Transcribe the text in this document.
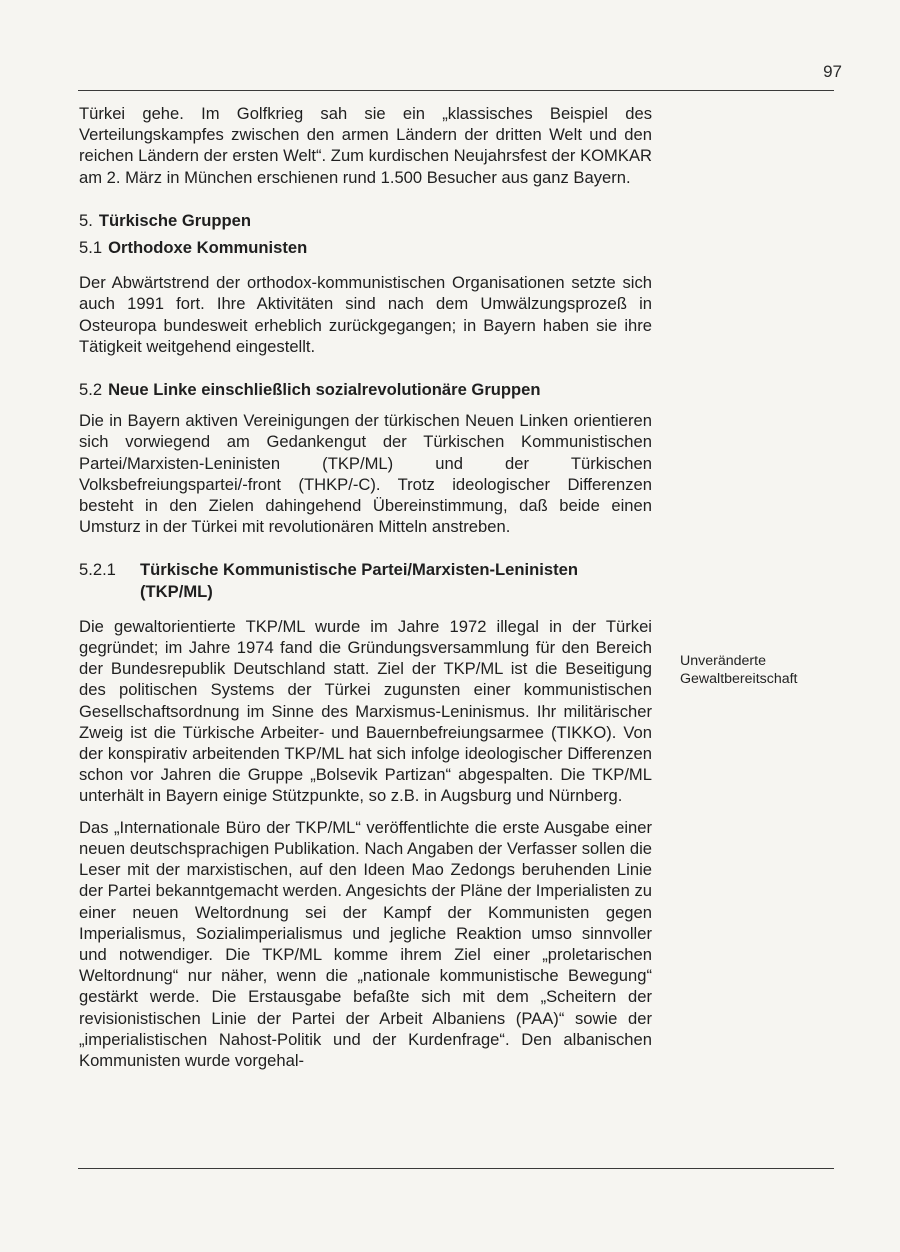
97

Türkei gehe. Im Golfkrieg sah sie ein „klassisches Beispiel des Verteilungskampfes zwischen den armen Ländern der dritten Welt und den reichen Ländern der ersten Welt“. Zum kurdischen Neujahrsfest der KOMKAR am 2. März in München erschienen rund 1.500 Besucher aus ganz Bayern.

5. Türkische Gruppen
5.1 Orthodoxe Kommunisten

Der Abwärtstrend der orthodox-kommunistischen Organisationen setzte sich auch 1991 fort. Ihre Aktivitäten sind nach dem Umwälzungsprozeß in Osteuropa bundesweit erheblich zurückgegangen; in Bayern haben sie ihre Tätigkeit weitgehend eingestellt.

5.2 Neue Linke einschließlich sozialrevolutionäre Gruppen

Die in Bayern aktiven Vereinigungen der türkischen Neuen Linken orientieren sich vorwiegend am Gedankengut der Türkischen Kommunistischen Partei/Marxisten-Leninisten (TKP/ML) und der Türkischen Volksbefreiungspartei/-front (THKP/-C). Trotz ideologischer Differenzen besteht in den Zielen dahingehend Übereinstimmung, daß beide einen Umsturz in der Türkei mit revolutionären Mitteln anstreben.

5.2.1	Türkische Kommunistische Partei/Marxisten-Leninisten (TKP/ML)

Die gewaltorientierte TKP/ML wurde im Jahre 1972 illegal in der Türkei gegründet; im Jahre 1974 fand die Gründungsversammlung für den Bereich der Bundesrepublik Deutschland statt. Ziel der TKP/ML ist die Beseitigung des politischen Systems der Türkei zugunsten einer kommunistischen Gesellschaftsordnung im Sinne des Marxismus-Leninismus. Ihr militärischer Zweig ist die Türkische Arbeiter- und Bauernbefreiungsarmee (TIKKO). Von der konspirativ arbeitenden TKP/ML hat sich infolge ideologischer Differenzen schon vor Jahren die Gruppe „Bolsevik Partizan“ abgespalten. Die TKP/ML unterhält in Bayern einige Stützpunkte, so z.B. in Augsburg und Nürnberg.

Das „Internationale Büro der TKP/ML“ veröffentlichte die erste Ausgabe einer neuen deutschsprachigen Publikation. Nach Angaben der Verfasser sollen die Leser mit der marxistischen, auf den Ideen Mao Zedongs beruhenden Linie der Partei bekanntgemacht werden. Angesichts der Pläne der Imperialisten zu einer neuen Weltordnung sei der Kampf der Kommunisten gegen Imperialismus, Sozialimperialismus und jegliche Reaktion umso sinnvoller und notwendiger. Die TKP/ML komme ihrem Ziel einer „proletarischen Weltordnung“ nur näher, wenn die „nationale kommunistische Bewegung“ gestärkt werde. Die Erstausgabe befaßte sich mit dem „Scheitern der revisionistischen Linie der Partei der Arbeit Albaniens (PAA)“ sowie der „imperialistischen Nahost-Politik und der Kurdenfrage“. Den albanischen Kommunisten wurde vorgehal-

Unveränderte Gewaltbereitschaft
